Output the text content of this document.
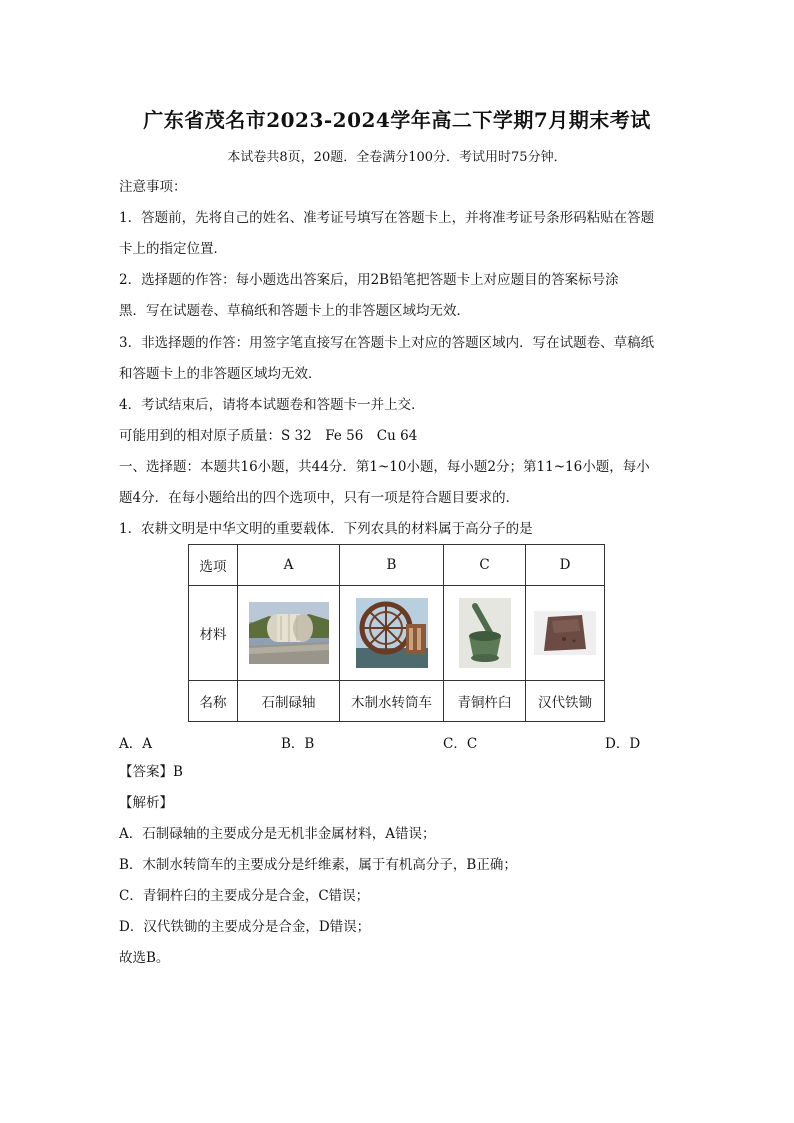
广东省茂名市2023-2024学年高二下学期7月期末考试
本试卷共8页，20题．全卷满分100分．考试用时75分钟．
注意事项：
1．答题前，先将自己的姓名、准考证号填写在答题卡上，并将准考证号条形码粘贴在答题
卡上的指定位置．
2．选择题的作答：每小题选出答案后，用2B铅笔把答题卡上对应题目的答案标号涂
黑．写在试题卷、草稿纸和答题卡上的非答题区域均无效．
3．非选择题的作答：用签字笔直接写在答题卡上对应的答题区域内．写在试题卷、草稿纸
和答题卡上的非答题区域均无效．
4．考试结束后，请将本试题卷和答题卡一并上交．
可能用到的相对原子质量：S 32　Fe 56　Cu 64
一、选择题：本题共16小题，共44分．第1~10小题，每小题2分；第11~16小题，每小
题4分．在每小题给出的四个选项中，只有一项是符合题目要求的．
1．农耕文明是中华文明的重要载体．下列农具的材料属于高分子的是
选项	A	B	C	D
材料				
名称	石制碌轴	木制水转筒车	青铜杵臼	汉代铁锄
A．A	B．B	C．C	D．D
【答案】B
【解析】
A．石制碌轴的主要成分是无机非金属材料，A错误；
B．木制水转筒车的主要成分是纤维素，属于有机高分子，B正确；
C．青铜杵臼的主要成分是合金，C错误；
D．汉代铁锄的主要成分是合金，D错误；
故选B。
